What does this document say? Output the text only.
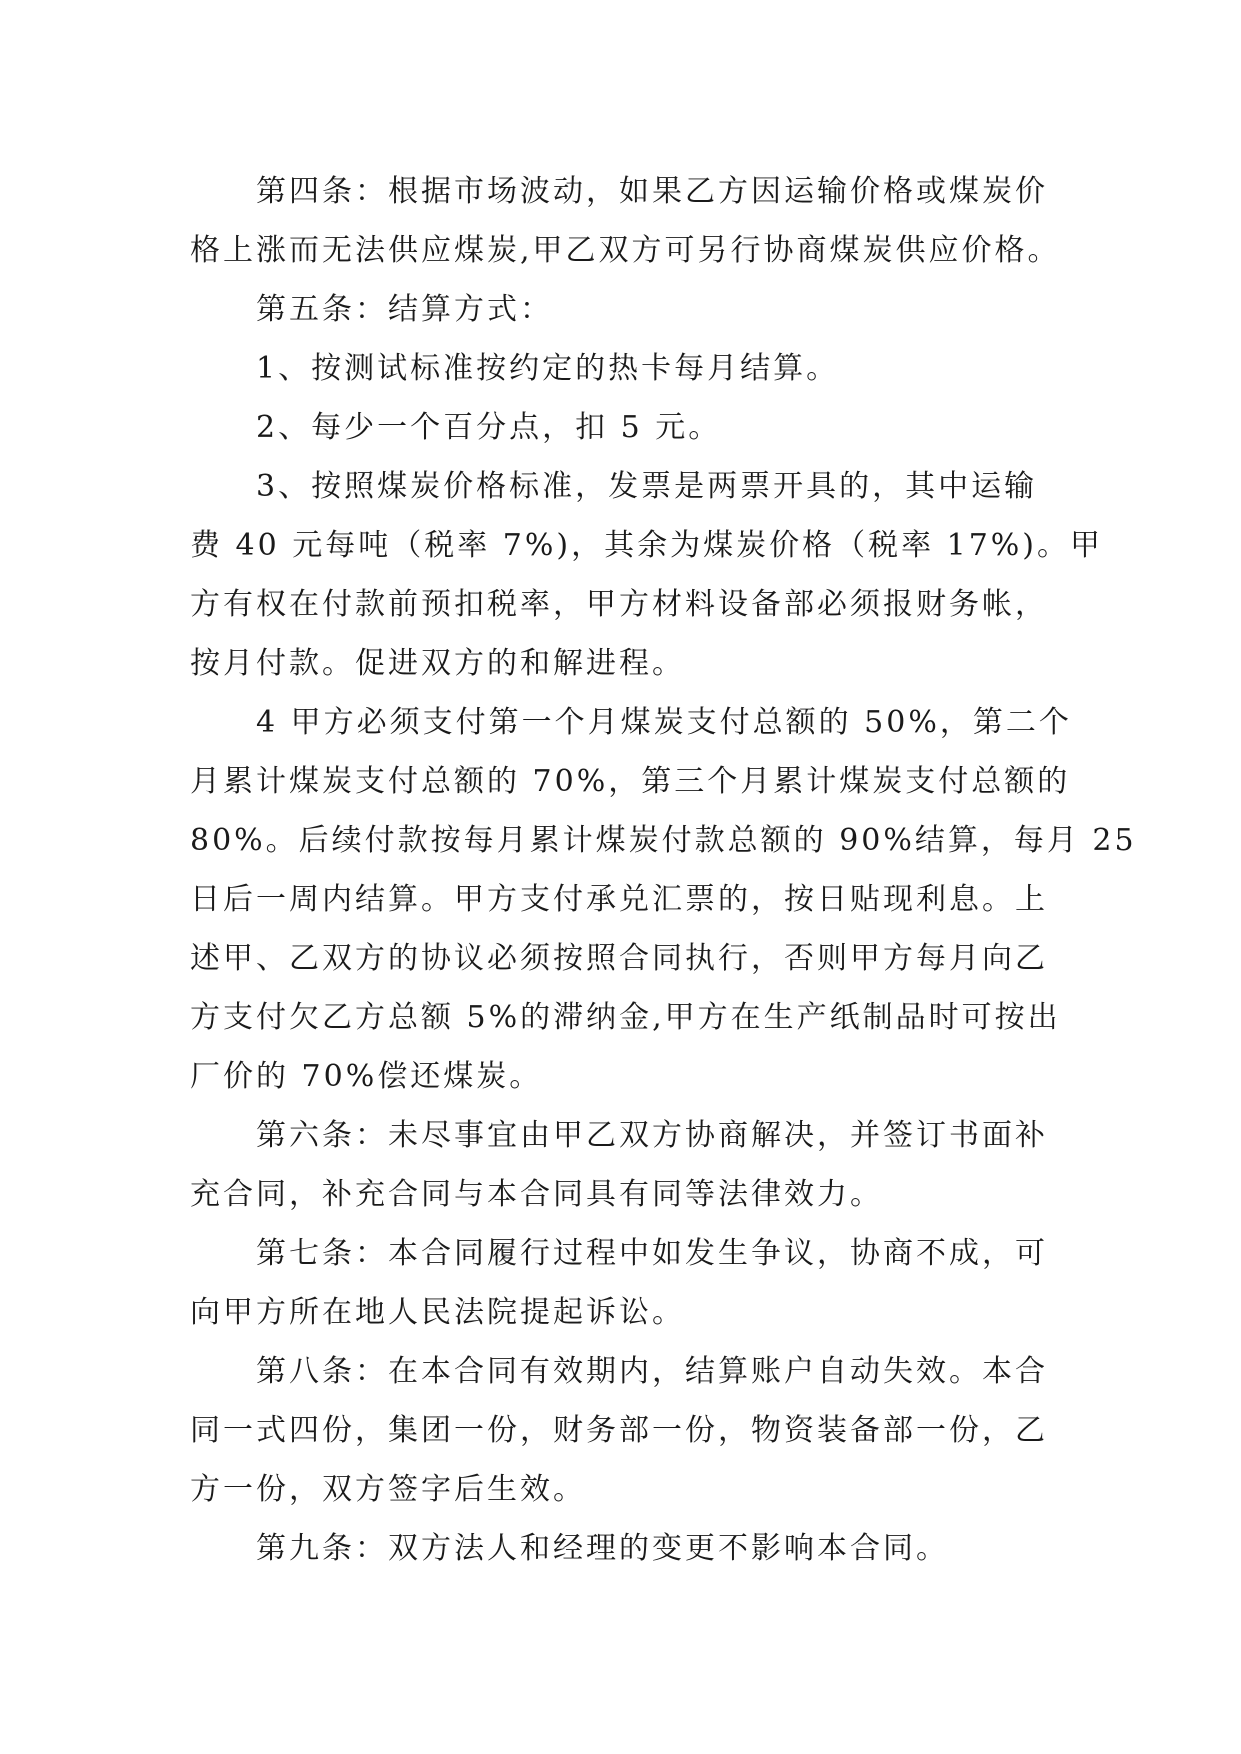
第四条：根据市场波动，如果乙方因运输价格或煤炭价
格上涨而无法供应煤炭,甲乙双方可另行协商煤炭供应价格。

第五条：结算方式：

1、按测试标准按约定的热卡每月结算。

2、每少一个百分点，扣 5 元。

3、按照煤炭价格标准，发票是两票开具的，其中运输
费 40 元每吨（税率 7%)，其余为煤炭价格（税率 17%)。甲
方有权在付款前预扣税率，甲方材料设备部必须报财务帐，
按月付款。促进双方的和解进程。

4 甲方必须支付第一个月煤炭支付总额的 50%，第二个
月累计煤炭支付总额的 70%，第三个月累计煤炭支付总额的
80%。后续付款按每月累计煤炭付款总额的 90%结算，每月 25
日后一周内结算。甲方支付承兑汇票的，按日贴现利息。上
述甲、乙双方的协议必须按照合同执行，否则甲方每月向乙
方支付欠乙方总额 5%的滞纳金,甲方在生产纸制品时可按出
厂价的 70%偿还煤炭。

第六条：未尽事宜由甲乙双方协商解决，并签订书面补
充合同，补充合同与本合同具有同等法律效力。

第七条：本合同履行过程中如发生争议，协商不成，可
向甲方所在地人民法院提起诉讼。

第八条：在本合同有效期内，结算账户自动失效。本合
同一式四份，集团一份，财务部一份，物资装备部一份，乙
方一份，双方签字后生效。

第九条：双方法人和经理的变更不影响本合同。
